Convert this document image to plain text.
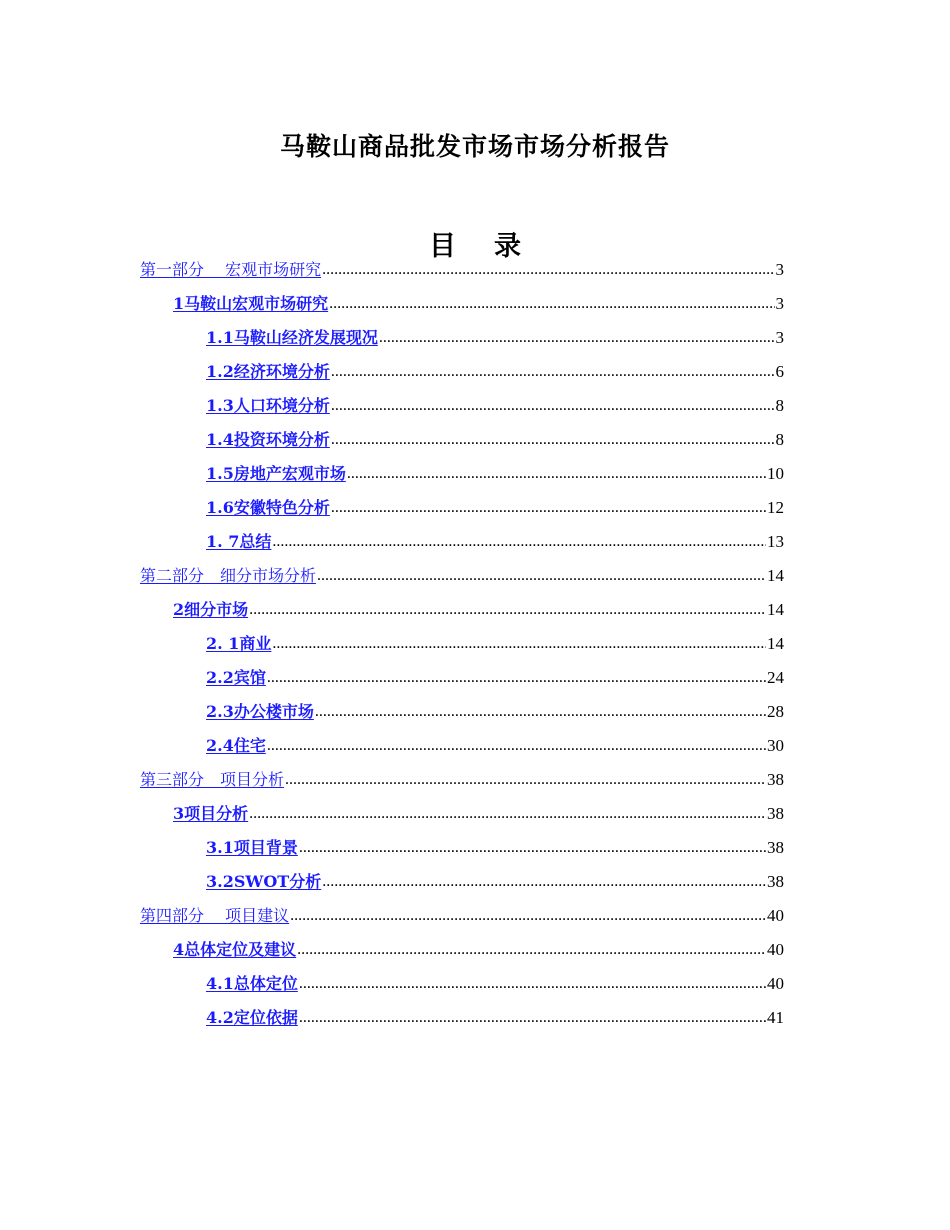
马鞍山商品批发市场市场分析报告
目 录
第一部分　 宏观市场研究 .....	3
1马鞍山宏观市场研究 .....	3
1.1马鞍山经济发展现况 .....	3
1.2经济环境分析 .....	6
1.3人口环境分析 .....	8
1.4投资环境分析 .....	8
1.5房地产宏观市场 .....	10
1.6安徽特色分析 .....	12
1. 7总结 .....	13
第二部分　细分市场分析 .....	14
2细分市场 .....	14
2. 1商业 .....	14
2.2宾馆 .....	24
2.3办公楼市场 .....	28
2.4住宅 .....	30
第三部分　项目分析 .....	38
3项目分析 .....	38
3.1项目背景 .....	38
3.2SWOT分析 .....	38
第四部分　 项目建议 .....	40
4总体定位及建议 .....	40
4.1总体定位 .....	40
4.2定位依据 .....	41
